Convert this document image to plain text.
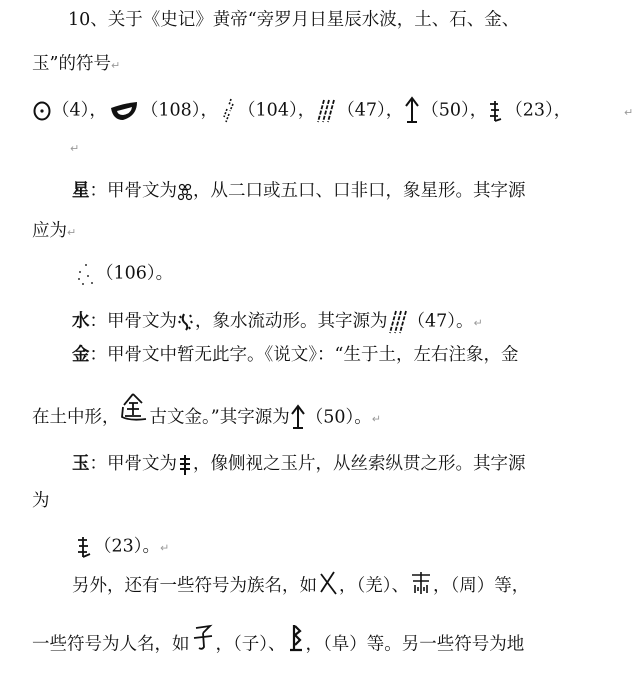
10、关于《史记》黄帝“旁罗月日星辰水波，土、石、金、
玉”的符号↵
（4）， （108）， （104）， （47）， （50）， （23），	↵
↵
星：甲骨文为 ，从二口或五口、口非口，象星形。其字源
应为↵
（106）。
水：甲骨文为 ，象水流动形。其字源为 （47）。↵
金：甲骨文中暂无此字。《说文》：“生于土，左右注象，金
在土中形， 古文金。”其字源为 （50）。↵
玉：甲骨文为 ，像侧视之玉片，从丝索纵贯之形。其字源
为
（23）。↵
另外，还有一些符号为族名，如 ，（羌）、 ，（周）等，
一些符号为人名，如 ，（子）、 ，（阜）等。另一些符号为地
